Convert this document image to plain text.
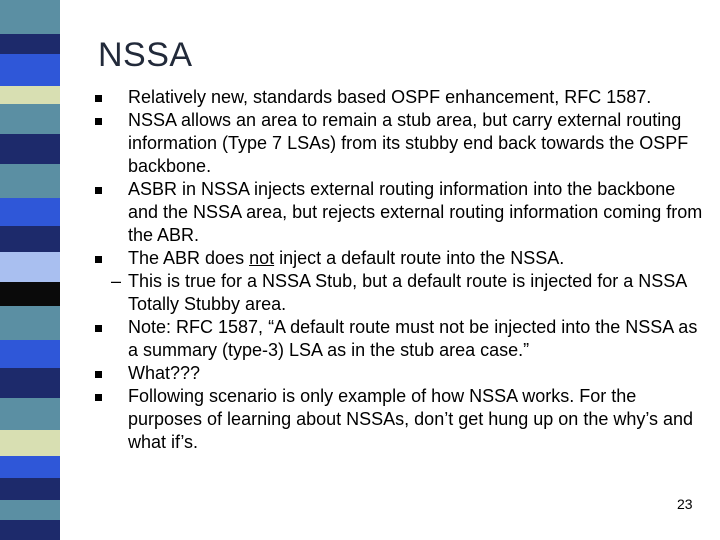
NSSA
Relatively new, standards based OSPF enhancement, RFC 1587.
NSSA allows an area to remain a stub area, but carry external routing information (Type 7 LSAs) from its stubby end back towards the OSPF backbone.
ASBR in NSSA injects external routing information into the backbone and the NSSA area, but rejects external routing information coming from the ABR.
The ABR does not inject a default route into the NSSA.
– This is true for a NSSA Stub, but a default route is injected for a NSSA Totally Stubby area.
Note: RFC 1587, “A default route must not be injected into the NSSA as a summary (type-3) LSA as in the stub area case.”
What???
Following scenario is only example of how NSSA works. For the purposes of learning about NSSAs, don’t get hung up on the why’s and what if’s.
23
